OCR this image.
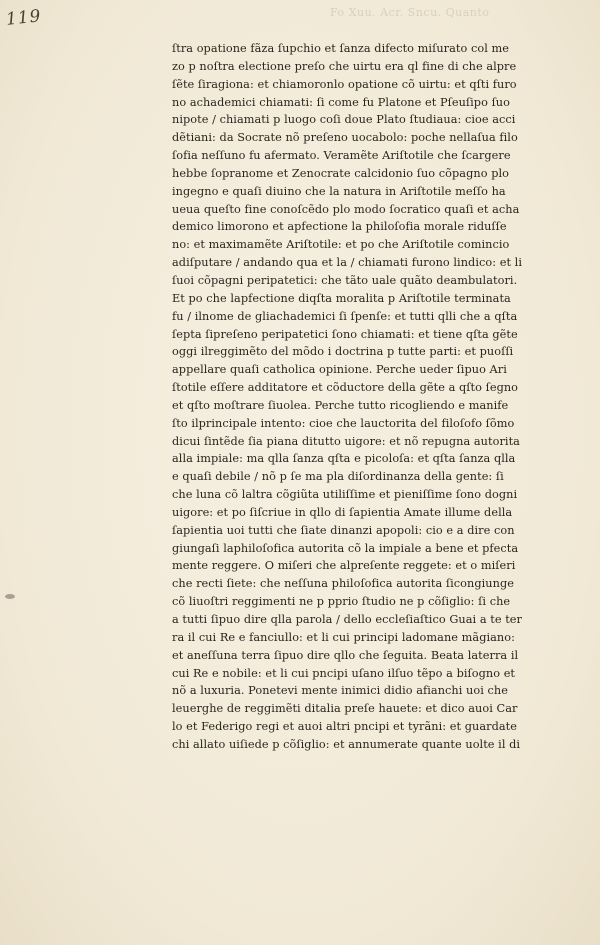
Fo Xuu. Acr. Sncu. Quanto
119
ſtra opatione fãza ſupchio et ſanza difecto miſurato col me
zo p noſtra electione preſo che uirtu era ql fine di che alpre
ſẽte ſiragiona: et chiamoronlo opatione cõ uirtu: et qſti furo
no achademici chiamati: ſi come fu Platone et Pſeuſipo ſuo
nipote / chiamati p luogo coſi doue Plato ſtudiaua: cioe acci
dẽtiani: da Socrate nõ preſeno uocabolo: poche nellaſua filo
ſofia neſſuno fu afermato. Veramẽte Ariſtotile che ſcargere
hebbe ſopranome et Zenocrate calcidonio ſuo cõpagno plo
ingegno e quaſi diuino che la natura in Ariſtotile meſſo ha
ueua queſto fine conoſcẽdo plo modo ſocratico quaſi et acha
demico limorono et apfectione la philoſofia morale riduſſe
no: et maximamẽte Ariſtotile: et po che Ariſtotile comincio
adiſputare / andando qua et la / chiamati furono lindico: et li
ſuoi cõpagni peripatetici: che tãto uale quãto deambulatori.
Et po che lapfectione diqſta moralita p Ariſtotile terminata
fu / ilnome de gliachademici ſi ſpenſe: et tutti qlli che a qſta
ſepta ſipreſeno peripatetici ſono chiamati: et tiene qſta gẽte
oggi ilreggimẽto del mõdo i doctrina p tutte parti: et puoſſi
appellare quaſi catholica opinione. Perche ueder ſipuo Ari
ſtotile eſſere additatore et cõductore della gẽte a qſto ſegno
et qſto moſtrare ſiuolea. Perche tutto ricogliendo e manife
ſto ilprincipale intento: cioe che lauctorita del filoſofo ſõmo
dicui ſintẽde ſia piana ditutto uigore: et nõ repugna autorita
alla impiale: ma qlla ſanza qſta e picoloſa: et qſta ſanza qlla
e quaſi debile / nõ p ſe ma pla diſordinanza della gente: ſi
che luna cõ laltra cõgiũta utiliſſime et pieniſſime ſono dogni
uigore: et po ſiſcriue in qllo di ſapientia Amate illume della
ſapientia uoi tutti che ſiate dinanzi apopoli: cio e a dire con
giungaſi laphiloſofica autorita cõ la impiale a bene et pfecta
mente reggere. O miſeri che alpreſente reggete: et o miſeri
che recti ſiete: che neſſuna philoſofica autorita ſicongiunge
cõ liuoſtri reggimenti ne p pprio ſtudio ne p cõſiglio: ſi che
a tutti ſipuo dire qlla parola / dello eccleſiaſtico Guai a te ter
ra il cui Re e fanciullo: et li cui principi ladomane mãgiano:
et aneſſuna terra ſipuo dire qllo che ſeguita. Beata laterra il
cui Re e nobile: et li cui pncipi uſano ilſuo tẽpo a biſogno et
nõ a luxuria. Ponetevi mente inimici didio afianchi uoi che
leuerghe de reggimẽti ditalia preſe hauete: et dico auoi Car
lo et Federigo regi et auoi altri pncipi et tyrãni: et guardate
chi allato uiſiede p cõſiglio: et annumerate quante uolte il di
